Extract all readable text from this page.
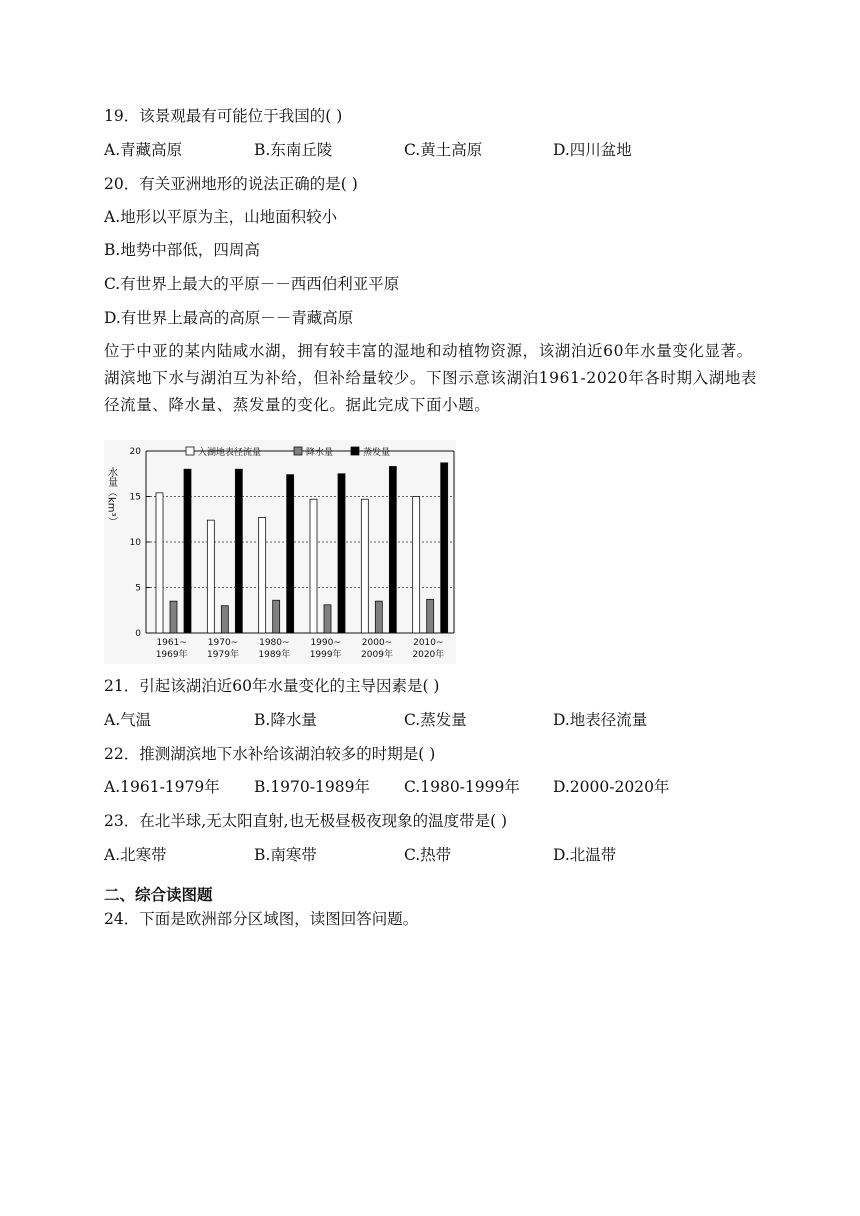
19．该景观最有可能位于我国的( )
A.青藏高原	B.东南丘陵	C.黄土高原	D.四川盆地
20．有关亚洲地形的说法正确的是( )
A.地形以平原为主，山地面积较小
B.地势中部低，四周高
C.有世界上最大的平原－－西西伯利亚平原
D.有世界上最高的高原－－青藏高原
位于中亚的某内陆咸水湖，拥有较丰富的湿地和动植物资源，该湖泊近60年水量变化显著。湖滨地下水与湖泊互为补给，但补给量较少。下图示意该湖泊1961-2020年各时期入湖地表径流量、降水量、蒸发量的变化。据此完成下面小题。
0
5
10
15
20
水量（km³）
1961~
1969年
1970~
1979年
1980~
1989年
1990~
1999年
2000~
2009年
2010~
2020年
入湖地表径流量	降水量	蒸发量
21．引起该湖泊近60年水量变化的主导因素是( )
A.气温	B.降水量	C.蒸发量	D.地表径流量
22．推测湖滨地下水补给该湖泊较多的时期是( )
A.1961-1979年 B.1970-1989年 C.1980-1999年 D.2000-2020年
23．在北半球,无太阳直射,也无极昼极夜现象的温度带是( )
A.北寒带	B.南寒带	C.热带	D.北温带
二、综合读图题
24．下面是欧洲部分区域图，读图回答问题。
